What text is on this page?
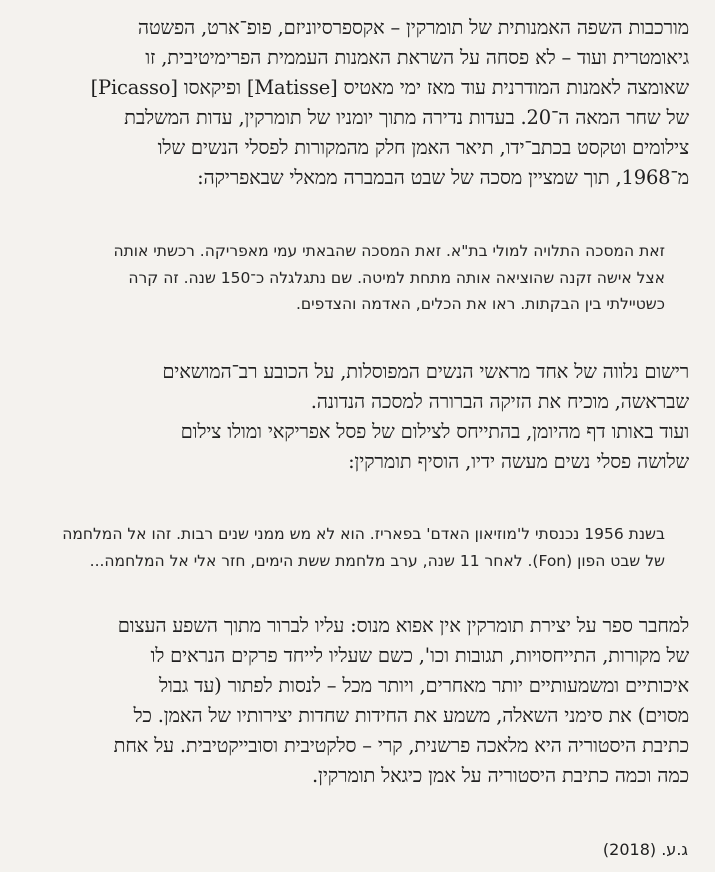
מורכבות השפה האמנותית של תומרקין – אקספרסיוניזם, פופ־ארט, הפשטה
גיאומטרית ועוד – לא פסחה על השראת האמנות העממית הפרימיטיבית, זו
שאומצה לאמנות המודרנית עוד מאז ימי מאטיס [Matisse] ופיקאסו [Picasso]
של שחר המאה ה־20. בעדות נדירה מתוך יומניו של תומרקין, עדות המשלבת
צילומים וטקסט בכתב־ידו, תיאר האמן חלק מהמקורות לפסלי הנשים שלו
מ־1968, תוך שמציין מסכה של שבט הבמברה ממאלי שבאפריקה:

זאת המסכה התלויה למולי בת"א. זאת המסכה שהבאתי עמי מאפריקה. רכשתי אותה
אצל אישה זקנה שהוציאה אותה מתחת למיטה. שם נתגלגלה כ־150 שנה. זה קרה
כשטיילתי בין הבקתות. ראו את הכלים, האדמה והצדפים.

רישום נלווה של אחד מראשי הנשים המפוסלות, על הכובע רב־המושאים
שבראשה, מוכיח את הזיקה הברורה למסכה הנדונה.
ועוד באותו דף מהיומן, בהתייחס לצילום של פסל אפריקאי ומולו צילום
שלושה פסלי נשים מעשה ידיו, הוסיף תומרקין:

בשנת 1956 נכנסתי ל'מוזיאון האדם' בפאריז. הוא לא מש ממני שנים רבות. זהו אל המלחמה
של שבט הפון (Fon). לאחר 11 שנה, ערב מלחמת ששת הימים, חזר אלי אל המלחמה...

למחבר ספר על יצירת תומרקין אין אפוא מנוס: עליו לברור מתוך השפע העצום
של מקורות, התייחסויות, תגובות וכו', כשם שעליו לייחד פרקים הנראים לו
איכותיים ומשמעותיים יותר מאחרים, ויותר מכל – לנסות לפתור (עד גבול
מסוים) את סימני השאלה, משמע את החידות שחדות יצירותיו של האמן. כל
כתיבת היסטוריה היא מלאכה פרשנית, קרי – סלקטיבית וסובייקטיבית. על אחת
כמה וכמה כתיבת היסטוריה על אמן כיגאל תומרקין.

ג.ע. (2018)
